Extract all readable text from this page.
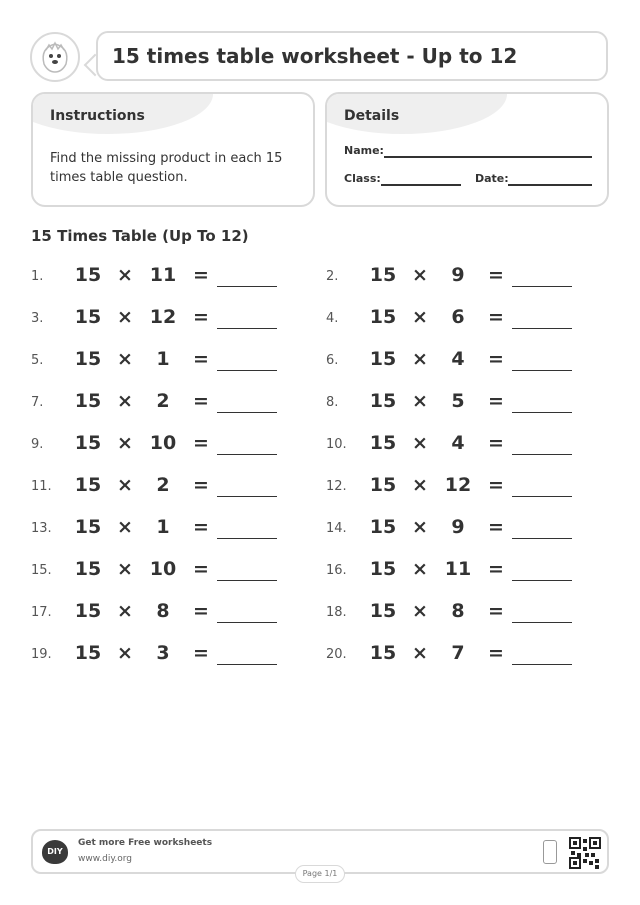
15 times table worksheet - Up to 12
Instructions
Find the missing product in each 15 times table question.
Details
Name:
Class:	Date:
15 Times Table (Up To 12)
1. 15 × 11 =	2. 15 ×	9	=
3. 15 × 12 =	4. 15 ×	6	=
5. 15 ×	1	=	6. 15 ×	4	=
7. 15 ×	2	=	8. 15 ×	5	=
9. 15 × 10 =	10. 15 ×	4	=
11. 15 ×	2	=	12. 15 × 12 =
13. 15 ×	1	=	14. 15 ×	9	=
15. 15 × 10 =	16. 15 × 11 =
17. 15 ×	8	=	18. 15 ×	8	=
19. 15 ×	3	=	20. 15 ×	7	=
DIY
Get more Free worksheets
www.diy.org
Page 1/1
